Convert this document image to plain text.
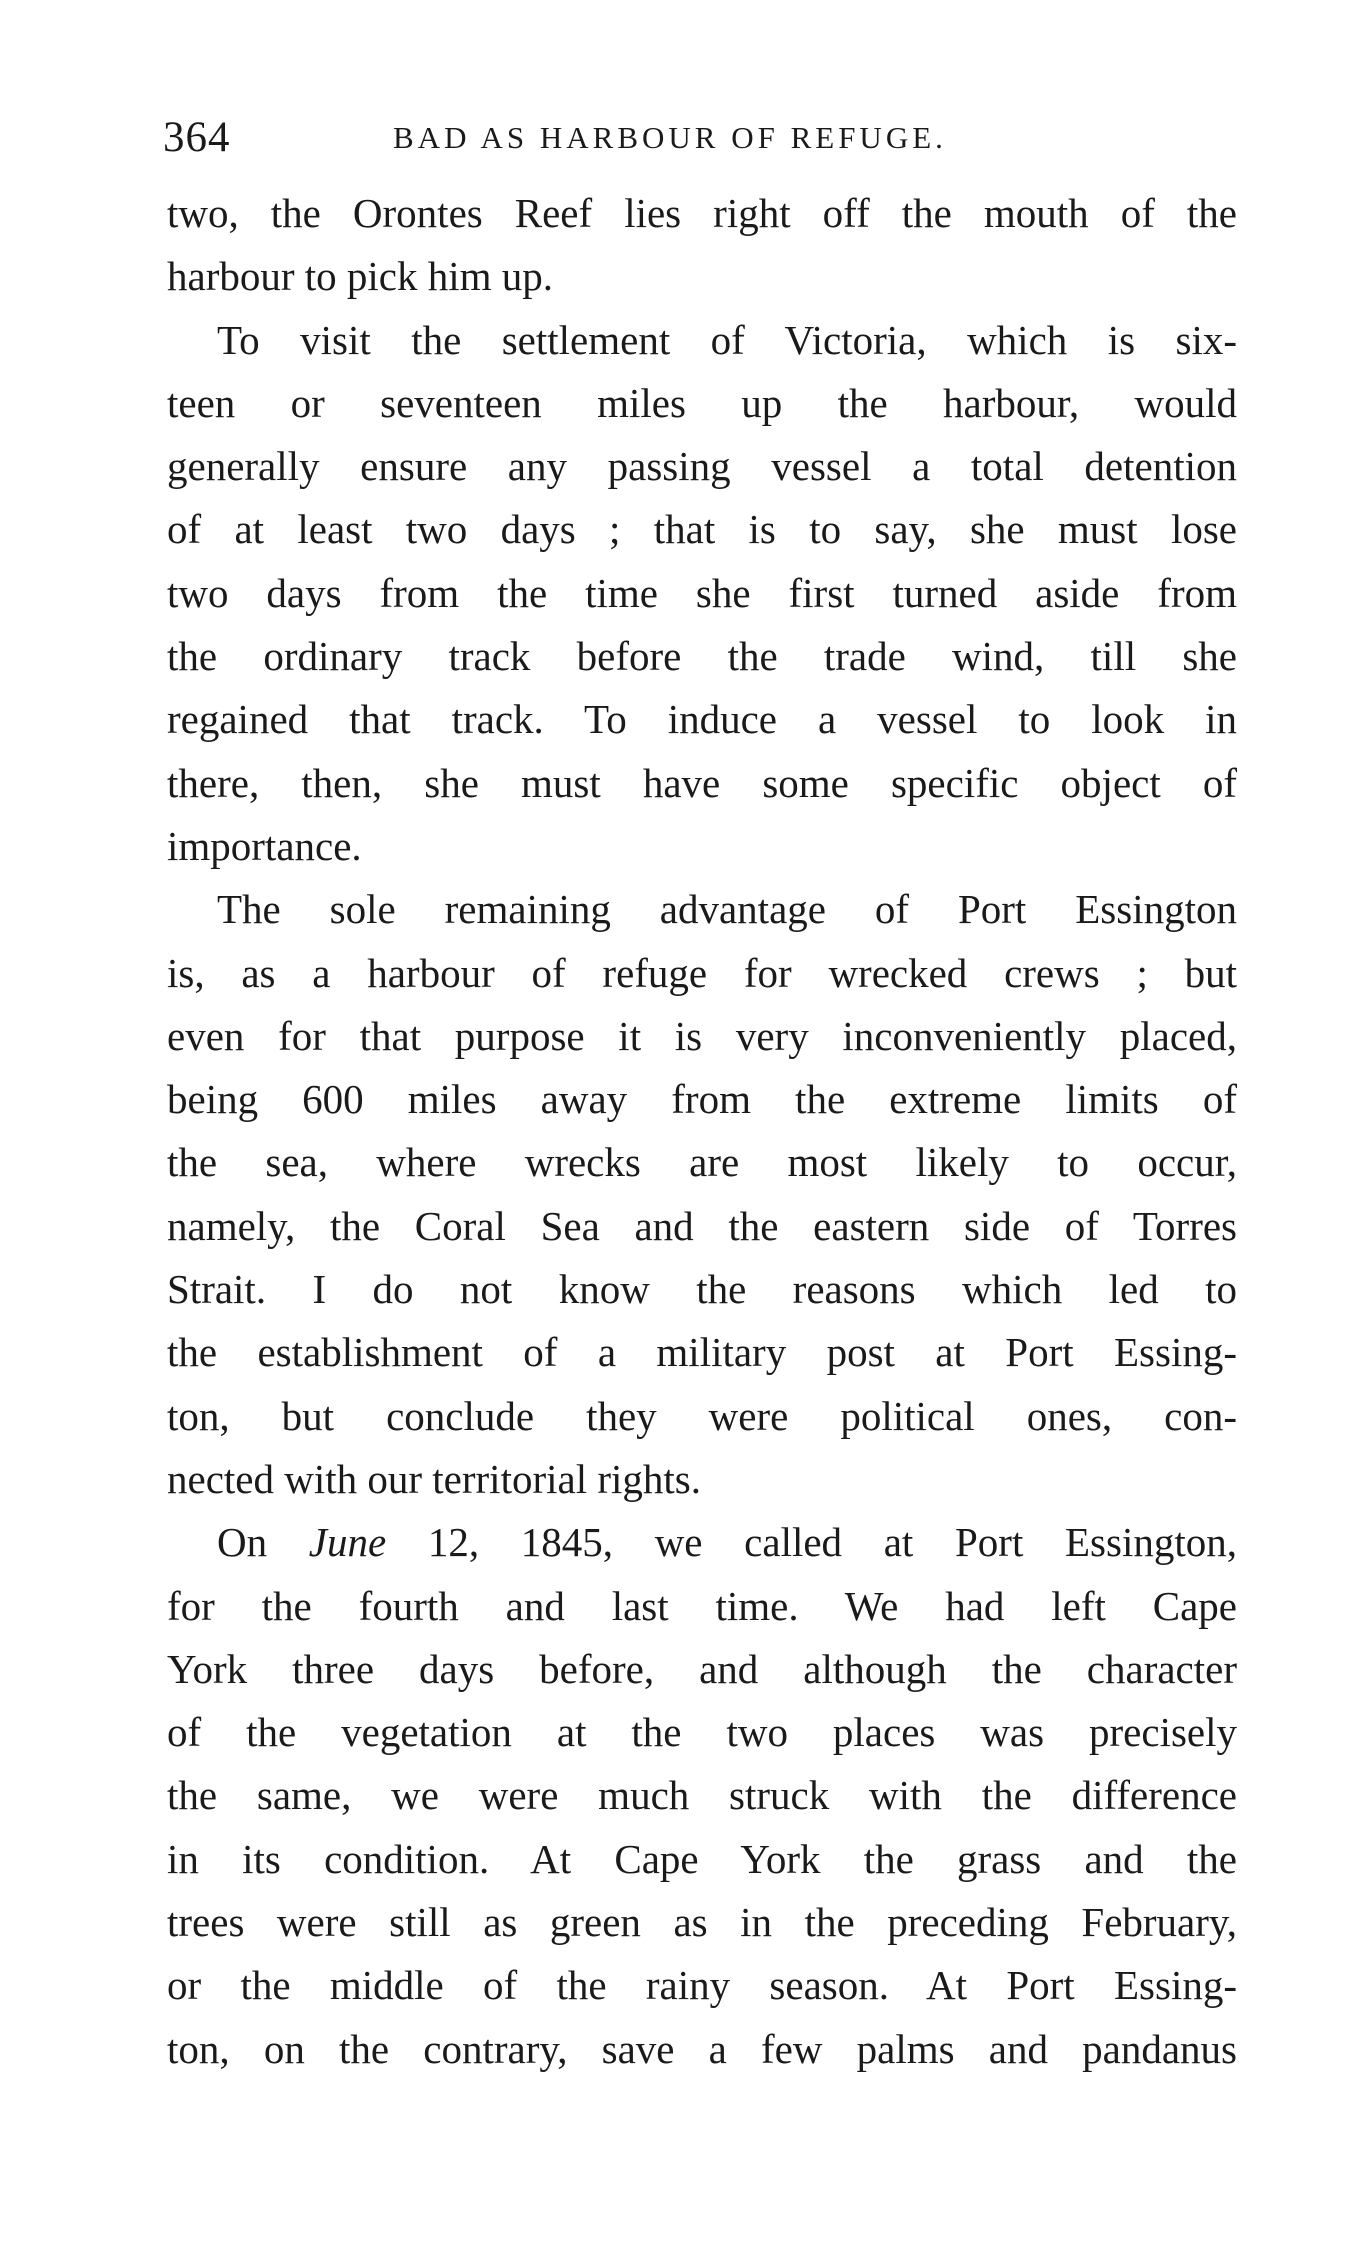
364	BAD AS HARBOUR OF REFUGE.
two, the Orontes Reef lies right off the mouth of the
harbour to pick him up.
To visit the settlement of Victoria, which is six-
teen or seventeen miles up the harbour, would
generally ensure any passing vessel a total detention
of at least two days ; that is to say, she must lose
two days from the time she first turned aside from
the ordinary track before the trade wind, till she
regained that track. To induce a vessel to look in
there, then, she must have some specific object of
importance.
The sole remaining advantage of Port Essington
is, as a harbour of refuge for wrecked crews ; but
even for that purpose it is very inconveniently placed,
being 600 miles away from the extreme limits of
the sea, where wrecks are most likely to occur,
namely, the Coral Sea and the eastern side of Torres
Strait. I do not know the reasons which led to
the establishment of a military post at Port Essing-
ton, but conclude they were political ones, con-
nected with our territorial rights.
On June 12, 1845, we called at Port Essington,
for the fourth and last time. We had left Cape
York three days before, and although the character
of the vegetation at the two places was precisely
the same, we were much struck with the difference
in its condition. At Cape York the grass and the
trees were still as green as in the preceding February,
or the middle of the rainy season. At Port Essing-
ton, on the contrary, save a few palms and pandanus
